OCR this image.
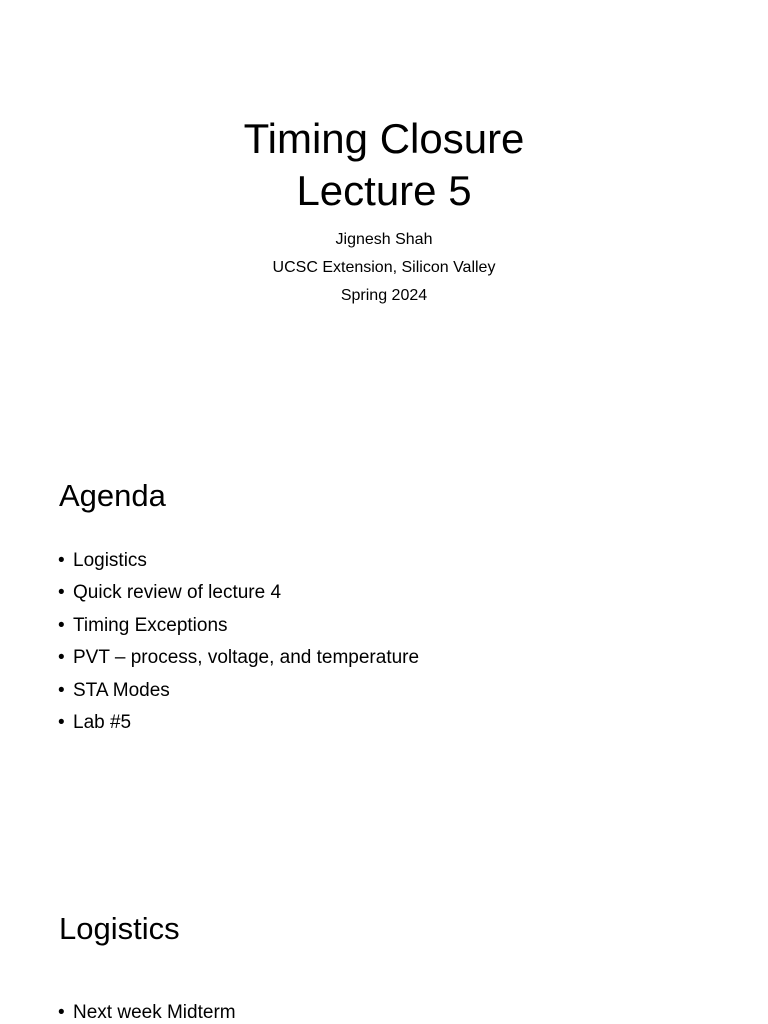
Timing Closure
Lecture 5
Jignesh Shah
UCSC Extension, Silicon Valley
Spring 2024
Agenda
• Logistics
• Quick review of lecture 4
• Timing Exceptions
• PVT – process, voltage, and temperature
• STA Modes
• Lab #5
Logistics
• Next week Midterm
